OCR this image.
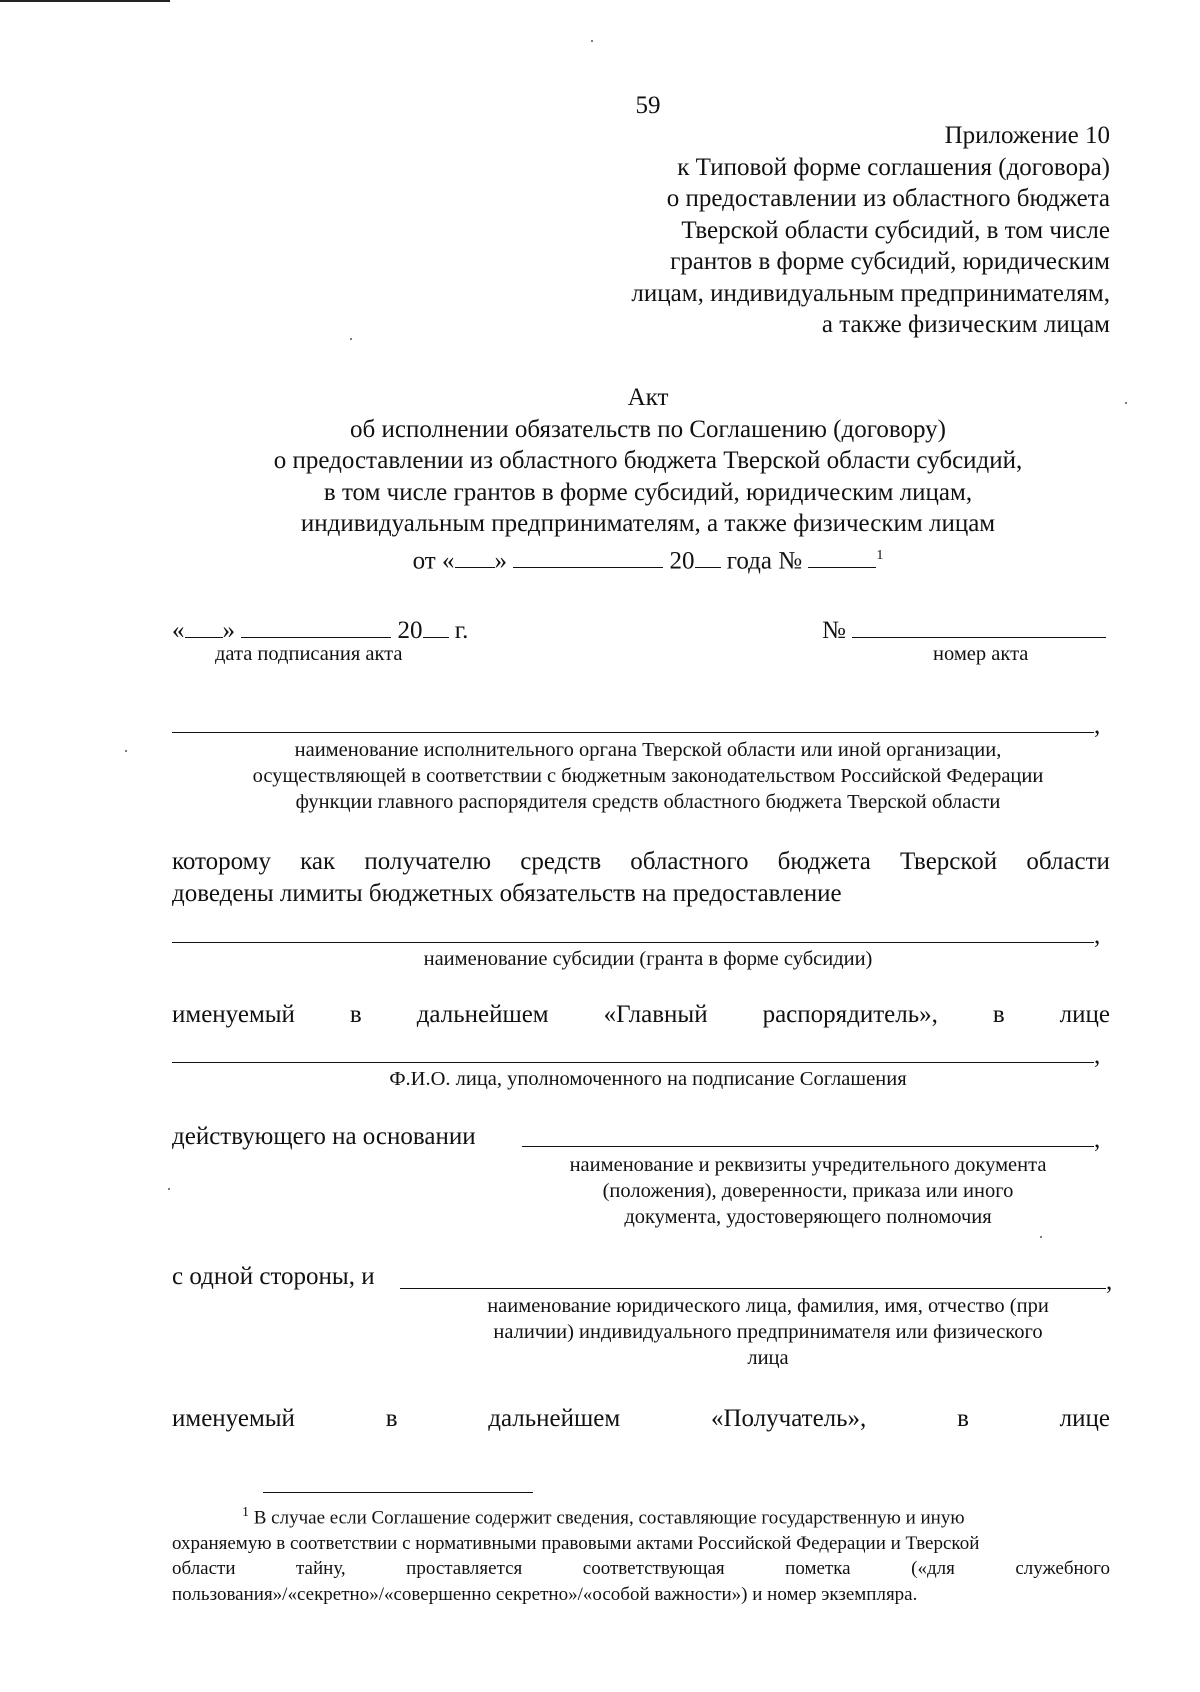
59
Приложение 10
к Типовой форме соглашения (договора)
о предоставлении из областного бюджета
Тверской области субсидий, в том числе
грантов в форме субсидий, юридическим
лицам, индивидуальным предпринимателям,
а также физическим лицам
Акт
об исполнении обязательств по Соглашению (договору)
о предоставлении из областного бюджета Тверской области субсидий,
в том числе грантов в форме субсидий, юридическим лицам,
индивидуальным предпринимателям, а также физическим лицам
от « »	20 года №	$^1$
« »	20 г.
дата подписания акта
№
номер акта
,
наименование исполнительного органа Тверской области или иной организации,
осуществляющей в соответствии с бюджетным законодательством Российской Федерации
функции главного распорядителя средств областного бюджета Тверской области
которому как получателю средств областного бюджета Тверской области
доведены лимиты бюджетных обязательств на предоставление
,
наименование субсидии (гранта в форме субсидии)
именуемый в дальнейшем «Главный распорядитель», в лице
,
Ф.И.О. лица, уполномоченного на подписание Соглашения
действующего на основании	,
наименование и реквизиты учредительного документа
(положения), доверенности, приказа или иного
документа, удостоверяющего полномочия
с одной стороны, и	,
наименование юридического лица, фамилия, имя, отчество (при
наличии) индивидуального предпринимателя или физического
лица
именуемый	в	дальнейшем	«Получатель»,	в	лице
$^1$ В случае если Соглашение содержит сведения, составляющие государственную и иную
охраняемую в соответствии с нормативными правовыми актами Российской Федерации и Тверской
области	тайну,	проставляется	соответствующая	пометка	(«для	служебного
пользования»/«секретно»/«совершенно секретно»/«особой важности») и номер экземпляра.
